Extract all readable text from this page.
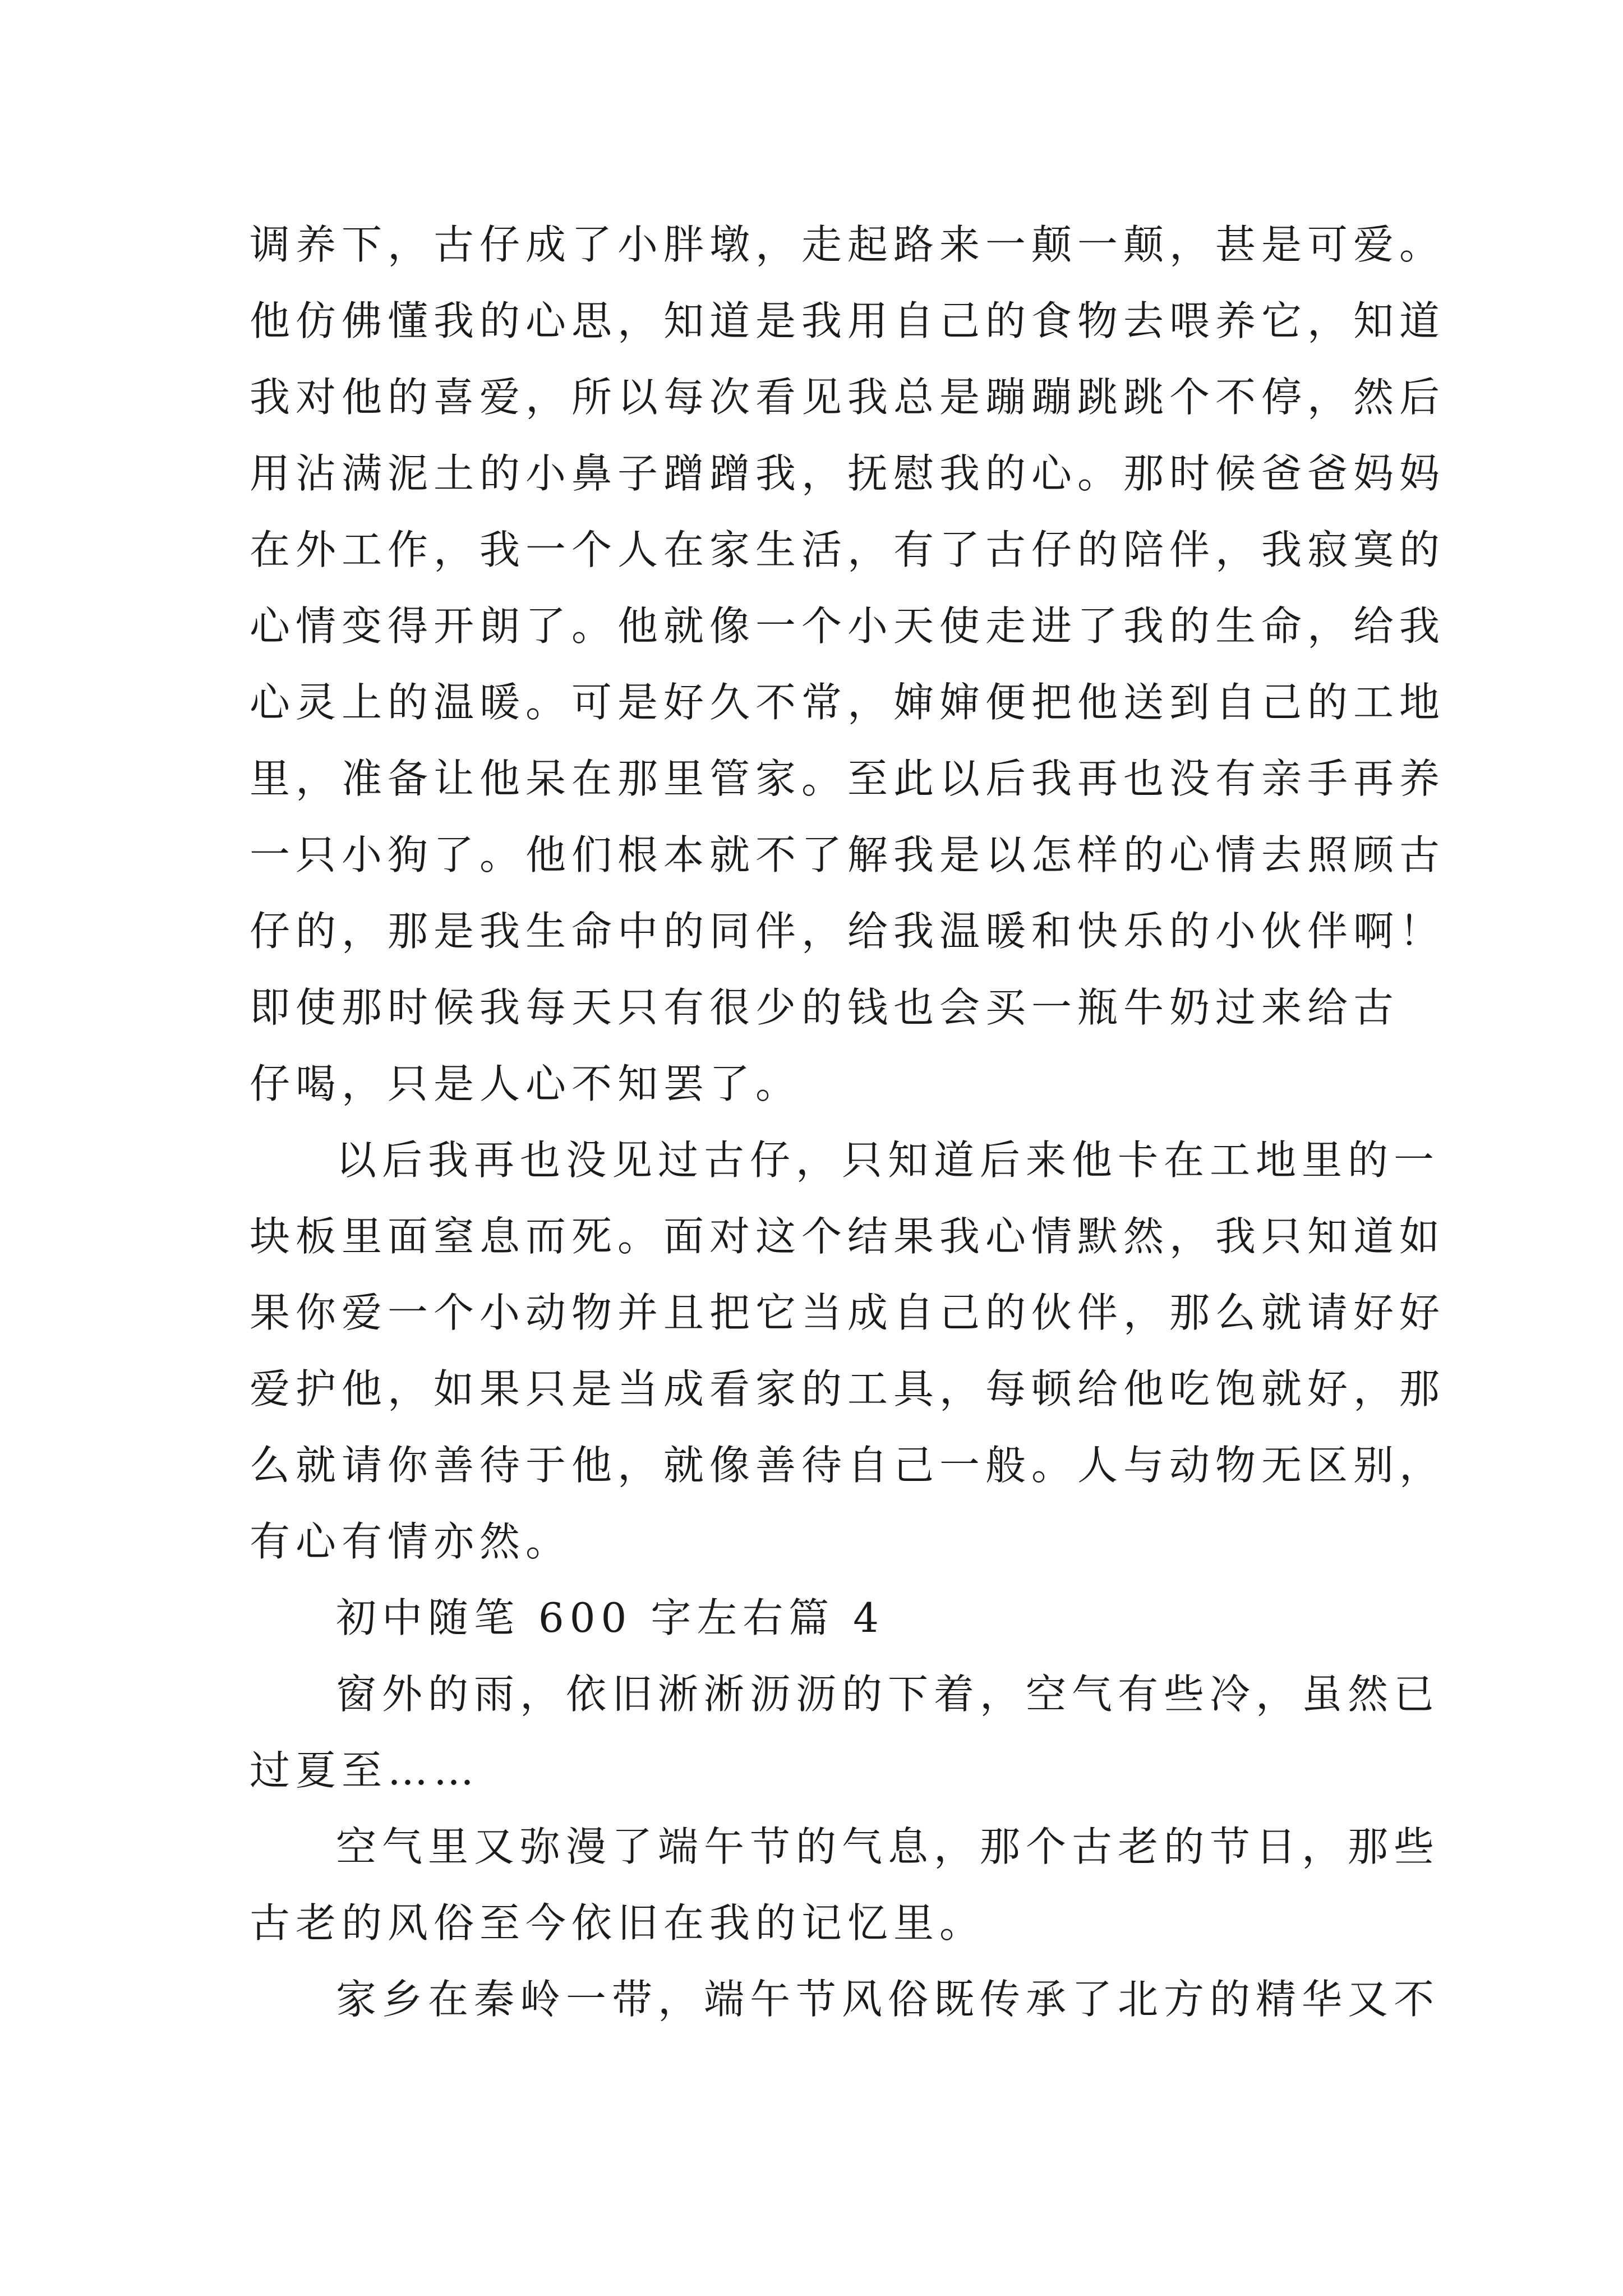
调养下，古仔成了小胖墩，走起路来一颠一颠，甚是可爱。
他仿佛懂我的心思，知道是我用自己的食物去喂养它，知道
我对他的喜爱，所以每次看见我总是蹦蹦跳跳个不停，然后
用沾满泥土的小鼻子蹭蹭我，抚慰我的心。那时候爸爸妈妈
在外工作，我一个人在家生活，有了古仔的陪伴，我寂寞的
心情变得开朗了。他就像一个小天使走进了我的生命，给我
心灵上的温暖。可是好久不常，婶婶便把他送到自己的工地
里，准备让他呆在那里管家。至此以后我再也没有亲手再养
一只小狗了。他们根本就不了解我是以怎样的心情去照顾古
仔的，那是我生命中的同伴，给我温暖和快乐的小伙伴啊！
即使那时候我每天只有很少的钱也会买一瓶牛奶过来给古
仔喝，只是人心不知罢了。
以后我再也没见过古仔，只知道后来他卡在工地里的一
块板里面窒息而死。面对这个结果我心情默然，我只知道如
果你爱一个小动物并且把它当成自己的伙伴，那么就请好好
爱护他，如果只是当成看家的工具，每顿给他吃饱就好，那
么就请你善待于他，就像善待自己一般。人与动物无区别，
有心有情亦然。
初中随笔 600 字左右篇 4
窗外的雨，依旧淅淅沥沥的下着，空气有些冷，虽然已
过夏至……
空气里又弥漫了端午节的气息，那个古老的节日，那些
古老的风俗至今依旧在我的记忆里。
家乡在秦岭一带，端午节风俗既传承了北方的精华又不
